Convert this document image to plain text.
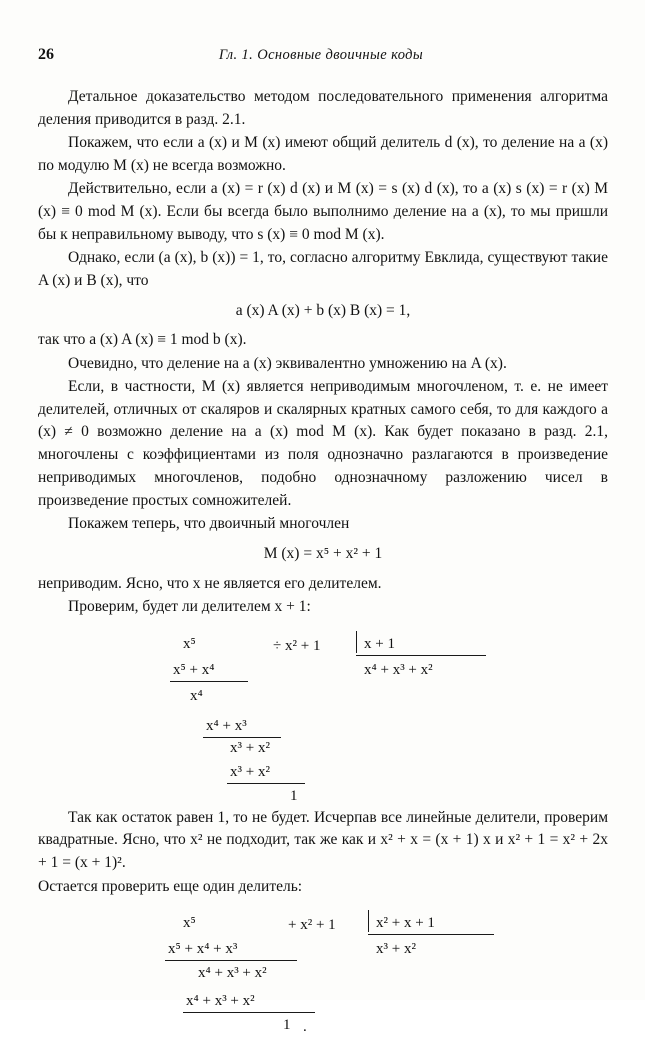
26	Гл. 1. Основные двоичные коды

Детальное доказательство методом последовательного применения алгоритма деления приводится в разд. 2.1.

Покажем, что если a (x) и M (x) имеют общий делитель d (x), то деление на a (x) по модулю M (x) не всегда возможно.

Действительно, если a (x) = r (x) d (x) и M (x) = s (x) d (x), то a (x) s (x) = r (x) M (x) ≡ 0 mod M (x). Если бы всегда было выполнимо деление на a (x), то мы пришли бы к неправильному выводу, что s (x) ≡ 0 mod M (x).

Однако, если (a (x), b (x)) = 1, то, согласно алгоритму Евклида, существуют такие A (x) и B (x), что

a (x) A (x) + b (x) B (x) = 1,

так что a (x) A (x) ≡ 1 mod b (x).

Очевидно, что деление на a (x) эквивалентно умножению на A (x).

Если, в частности, M (x) является неприводимым многочленом, т. е. не имеет делителей, отличных от скаляров и скалярных кратных самого себя, то для каждого a (x) ≠ 0 возможно деление на a (x) mod M (x). Как будет показано в разд. 2.1, многочлены с коэффициентами из поля однозначно разлагаются в произведение неприводимых многочленов, подобно однозначному разложению чисел в произведение простых сомножителей.

Покажем теперь, что двоичный многочлен

M (x) = x⁵ + x² + 1

неприводим. Ясно, что x не является его делителем.

Проверим, будет ли делителем x + 1:

x⁵	÷ x² + 1	x + 1
x⁴ + x³ + x²
x⁵ + x⁴
x⁴
x⁴ + x³
x³ + x²
x³ + x²
1

Так как остаток равен 1, то не будет. Исчерпав все линейные делители, проверим квадратные. Ясно, что x² не подходит, так же как и x² + x = (x + 1) x и x² + 1 = x² + 2x + 1 = (x + 1)².

Остается проверить еще один делитель:

x⁵	+ x² + 1	x² + x + 1
x³ + x²
x⁵ + x⁴ + x³
x⁴ + x³ + x²
x⁴ + x³ + x²
1 .
